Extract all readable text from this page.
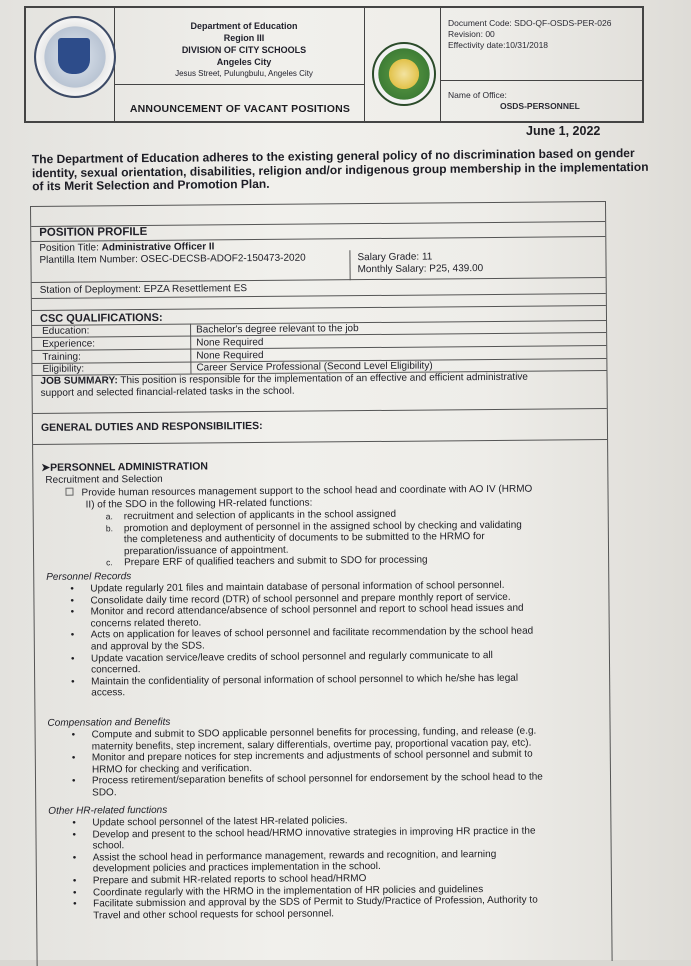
Department of Education
Region III
DIVISION OF CITY SCHOOLS
Angeles City
Jesus Street, Pulungbulu, Angeles City
ANNOUNCEMENT OF VACANT POSITIONS
Document Code: SDO-QF-OSDS-PER-026
Revision: 00
Effectivity date:10/31/2018
Name of Office:
OSDS-PERSONNEL
June 1, 2022
The Department of Education adheres to the existing general policy of no discrimination based on gender identity, sexual orientation, disabilities, religion and/or indigenous group membership in the implementation of its Merit Selection and Promotion Plan.
POSITION PROFILE
Position Title: Administrative Officer II
Plantilla Item Number: OSEC-DECSB-ADOF2-150473-2020	Salary Grade: 11
Monthly Salary: P25, 439.00
Station of Deployment: EPZA Resettlement ES
CSC QUALIFICATIONS:
Education:	Bachelor's degree relevant to the job
Experience:	None Required
Training:	None Required
Eligibility:	Career Service Professional (Second Level Eligibility)
JOB SUMMARY: This position is responsible for the implementation of an effective and efficient administrative
support and selected financial-related tasks in the school.
GENERAL DUTIES AND RESPONSIBILITIES:
➤PERSONNEL ADMINISTRATION
Recruitment and Selection
Provide human resources management support to the school head and coordinate with AO IV (HRMO
II) of the SDO in the following HR-related functions:
a. recruitment and selection of applicants in the school assigned
b. promotion and deployment of personnel in the assigned school by checking and validating
the completeness and authenticity of documents to be submitted to the HRMO for
preparation/issuance of appointment.
c. Prepare ERF of qualified teachers and submit to SDO for processing
Personnel Records
• Update regularly 201 files and maintain database of personal information of school personnel.
• Consolidate daily time record (DTR) of school personnel and prepare monthly report of service.
• Monitor and record attendance/absence of school personnel and report to school head issues and
concerns related thereto.
• Acts on application for leaves of school personnel and facilitate recommendation by the school head
and approval by the SDS.
• Update vacation service/leave credits of school personnel and regularly communicate to all
concerned.
• Maintain the confidentiality of personal information of school personnel to which he/she has legal
access.
Compensation and Benefits
• Compute and submit to SDO applicable personnel benefits for processing, funding, and release (e.g.
maternity benefits, step increment, salary differentials, overtime pay, proportional vacation pay, etc).
• Monitor and prepare notices for step increments and adjustments of school personnel and submit to
HRMO for checking and verification.
• Process retirement/separation benefits of school personnel for endorsement by the school head to the
SDO.
Other HR-related functions
• Update school personnel of the latest HR-related policies.
• Develop and present to the school head/HRMO innovative strategies in improving HR practice in the
school.
• Assist the school head in performance management, rewards and recognition, and learning
development policies and practices implementation in the school.
• Prepare and submit HR-related reports to school head/HRMO
• Coordinate regularly with the HRMO in the implementation of HR policies and guidelines
• Facilitate submission and approval by the SDS of Permit to Study/Practice of Profession, Authority to
Travel and other school requests for school personnel.
